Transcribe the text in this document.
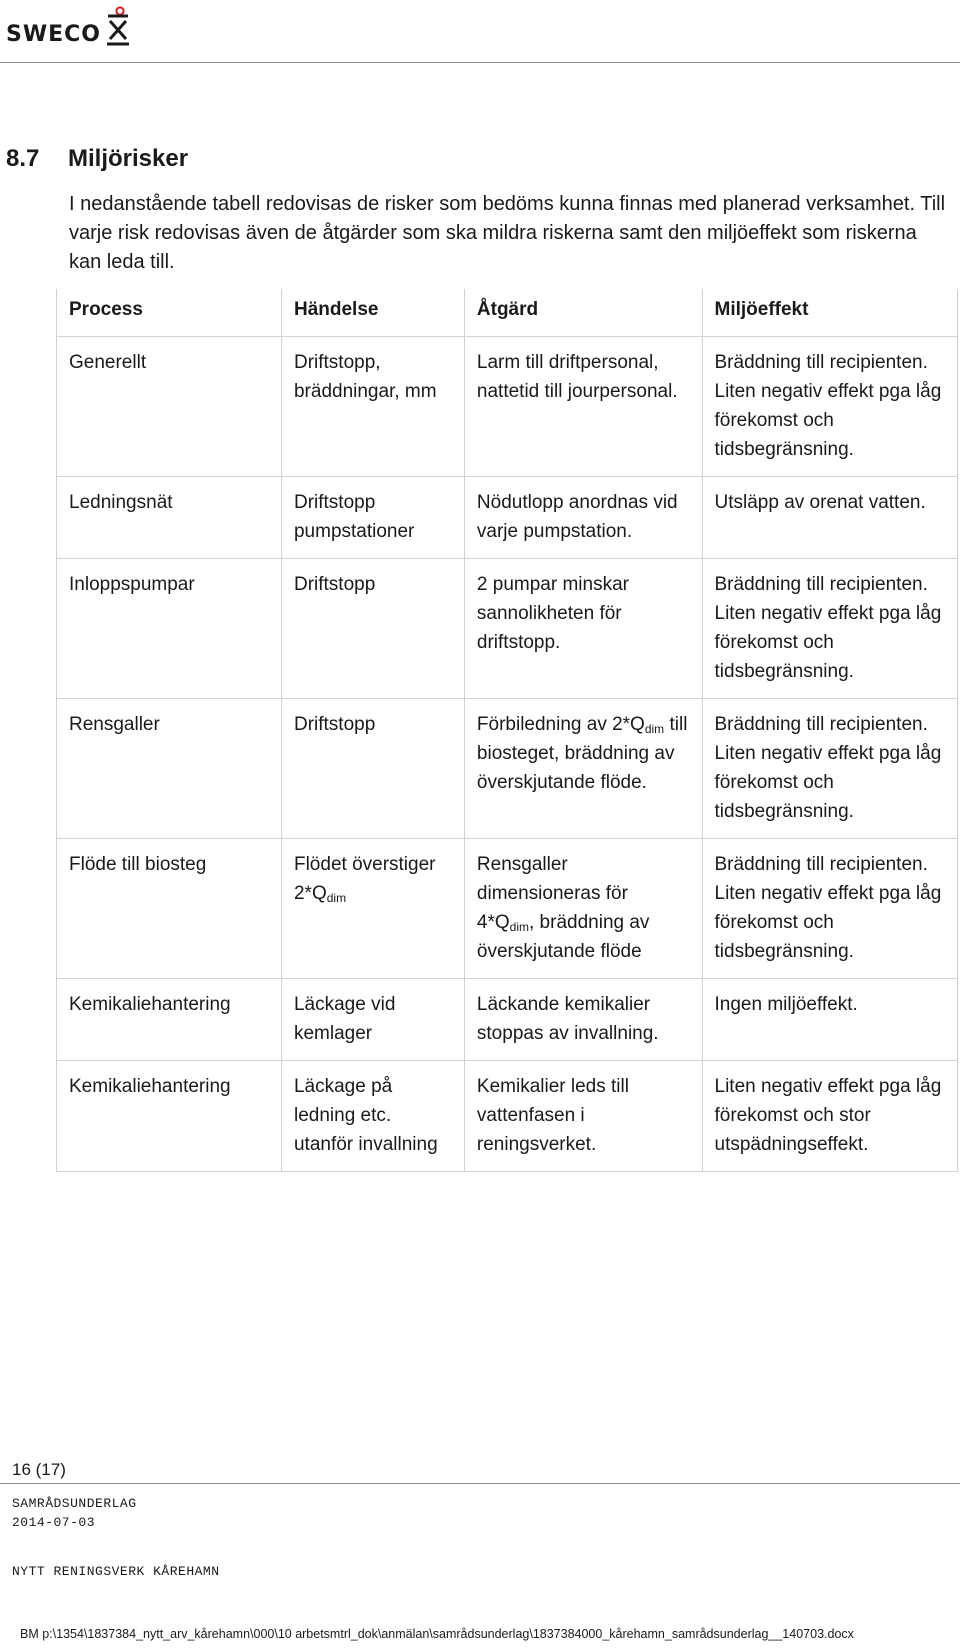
SWECO
8.7	Miljörisker

I nedanstående tabell redovisas de risker som bedöms kunna finnas med planerad verksamhet. Till varje risk redovisas även de åtgärder som ska mildra riskerna samt den miljöeffekt som riskerna kan leda till.

Process	Händelse	Åtgärd	Miljöeffekt
Generellt	Driftstopp, bräddningar, mm	Larm till driftpersonal, nattetid till jourpersonal.	Bräddning till recipienten. Liten negativ effekt pga låg förekomst och tidsbegränsning.
Ledningsnät	Driftstopp pumpstationer	Nödutlopp anordnas vid varje pumpstation.	Utsläpp av orenat vatten.
Inloppspumpar	Driftstopp	2 pumpar minskar sannolikheten för driftstopp.	Bräddning till recipienten. Liten negativ effekt pga låg förekomst och tidsbegränsning.
Rensgaller	Driftstopp	Förbiledning av $2*Q_{dim}$ till biosteget, bräddning av överskjutande flöde.	Bräddning till recipienten. Liten negativ effekt pga låg förekomst och tidsbegränsning.
Flöde till biosteg	Flödet överstiger $2*Q_{dim}$	Rensgaller dimensioneras för $4*Q_{dim}$, bräddning av överskjutande flöde	Bräddning till recipienten. Liten negativ effekt pga låg förekomst och tidsbegränsning.
Kemikaliehantering	Läckage vid kemlager	Läckande kemikalier stoppas av invallning.	Ingen miljöeffekt.
Kemikaliehantering	Läckage på ledning etc. utanför invallning	Kemikalier leds till vattenfasen i reningsverket.	Liten negativ effekt pga låg förekomst och stor utspädningseffekt.
16 (17)
SAMRÅDSUNDERLAG
2014-07-03
NYTT RENINGSVERK KÅREHAMN
BM p:\1354\1837384_nytt_arv_kårehamn\000\10 arbetsmtrl_dok\anmälan\samrådsunderlag\1837384000_kårehamn_samrådsunderlag__140703.docx
